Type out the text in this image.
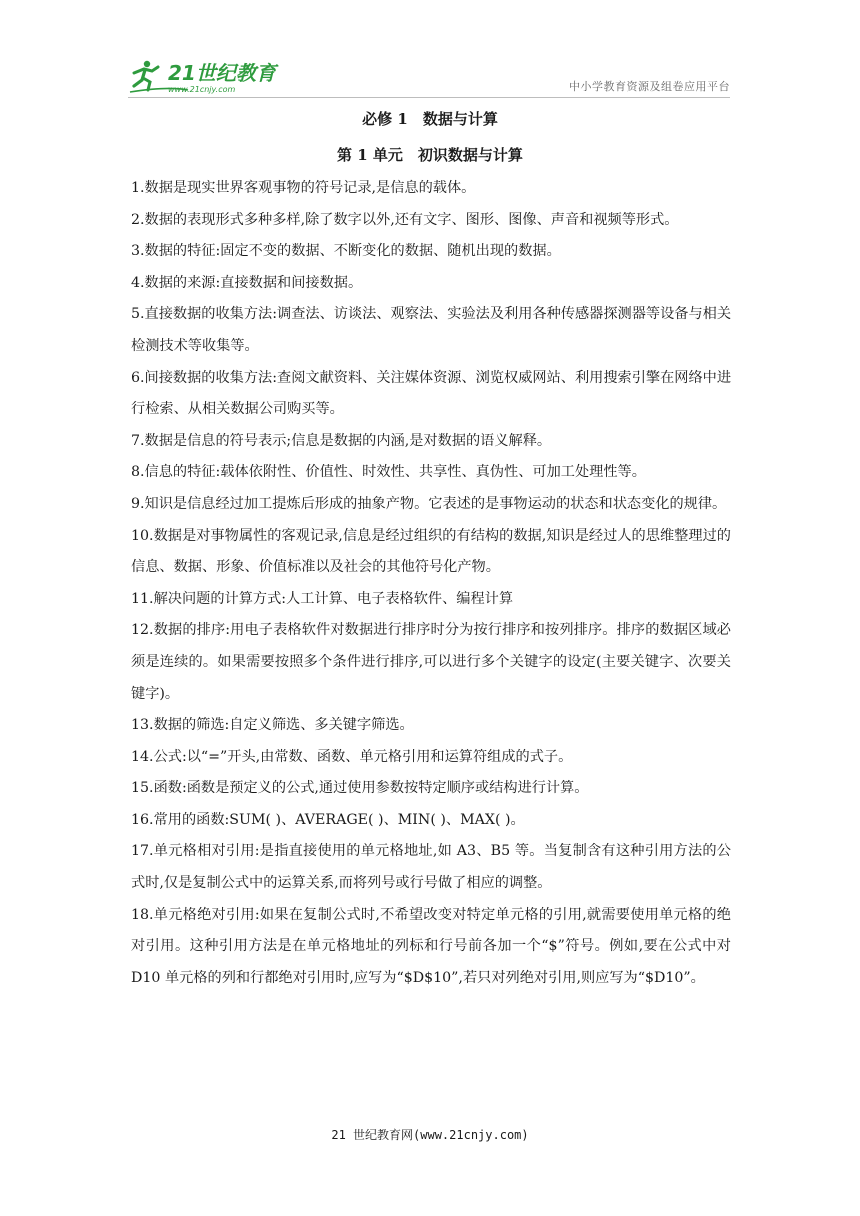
21世纪教育
www.21cnjy.com	中小学教育资源及组卷应用平台
必修 1　数据与计算
第 1 单元　初识数据与计算

1.数据是现实世界客观事物的符号记录,是信息的载体。

2.数据的表现形式多种多样,除了数字以外,还有文字、图形、图像、声音和视频等形式。

3.数据的特征:固定不变的数据、不断变化的数据、随机出现的数据。

4.数据的来源:直接数据和间接数据。

5.直接数据的收集方法:调查法、访谈法、观察法、实验法及利用各种传感器探测器等设备与相关检测技术等收集等。

6.间接数据的收集方法:查阅文献资料、关注媒体资源、浏览权威网站、利用搜索引擎在网络中进行检索、从相关数据公司购买等。

7.数据是信息的符号表示;信息是数据的内涵,是对数据的语义解释。

8.信息的特征:载体依附性、价值性、时效性、共享性、真伪性、可加工处理性等。

9.知识是信息经过加工提炼后形成的抽象产物。它表述的是事物运动的状态和状态变化的规律。

10.数据是对事物属性的客观记录,信息是经过组织的有结构的数据,知识是经过人的思维整理过的信息、数据、形象、价值标准以及社会的其他符号化产物。

11.解决问题的计算方式:人工计算、电子表格软件、编程计算

12.数据的排序:用电子表格软件对数据进行排序时分为按行排序和按列排序。排序的数据区域必须是连续的。如果需要按照多个条件进行排序,可以进行多个关键字的设定(主要关键字、次要关键字)。

13.数据的筛选:自定义筛选、多关键字筛选。

14.公式:以“=”开头,由常数、函数、单元格引用和运算符组成的式子。

15.函数:函数是预定义的公式,通过使用参数按特定顺序或结构进行计算。

16.常用的函数:SUM( )、AVERAGE( )、MIN( )、MAX( )。

17.单元格相对引用:是指直接使用的单元格地址,如 A3、B5 等。当复制含有这种引用方法的公式时,仅是复制公式中的运算关系,而将列号或行号做了相应的调整。

18.单元格绝对引用:如果在复制公式时,不希望改变对特定单元格的引用,就需要使用单元格的绝对引用。这种引用方法是在单元格地址的列标和行号前各加一个“$”符号。例如,要在公式中对 D10 单元格的列和行都绝对引用时,应写为“$D$10”,若只对列绝对引用,则应写为“$D10”。

21 世纪教育网(www.21cnjy.com)
